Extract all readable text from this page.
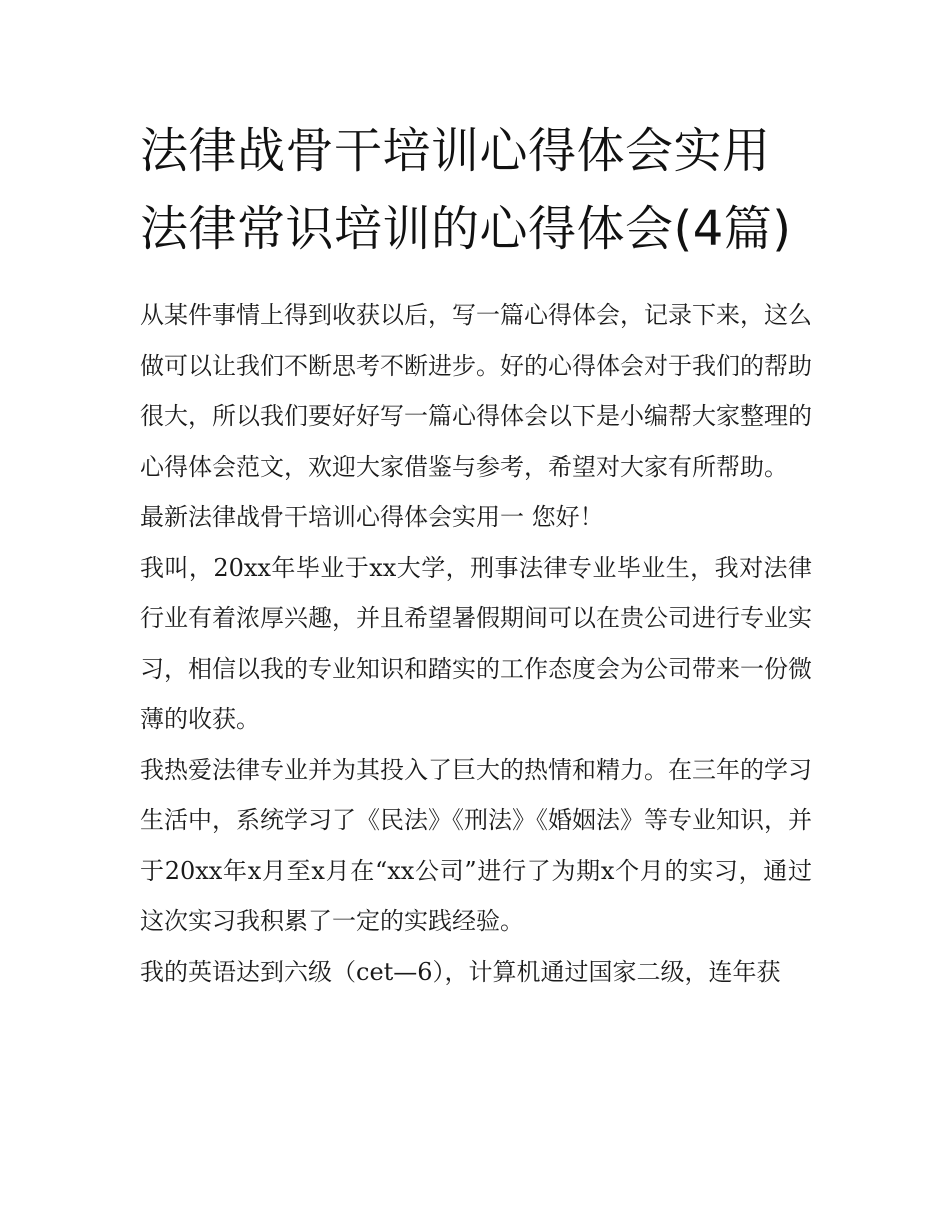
法律战骨干培训心得体会实用法律常识培训的心得体会(4篇)

从某件事情上得到收获以后，写一篇心得体会，记录下来，这么做可以让我们不断思考不断进步。好的心得体会对于我们的帮助很大，所以我们要好好写一篇心得体会以下是小编帮大家整理的心得体会范文，欢迎大家借鉴与参考，希望对大家有所帮助。

最新法律战骨干培训心得体会实用一 您好！

我叫，20xx年毕业于xx大学，刑事法律专业毕业生，我对法律行业有着浓厚兴趣，并且希望暑假期间可以在贵公司进行专业实习，相信以我的专业知识和踏实的工作态度会为公司带来一份微薄的收获。

我热爱法律专业并为其投入了巨大的热情和精力。在三年的学习生活中，系统学习了《民法》《刑法》《婚姻法》等专业知识，并于20xx年x月至x月在“xx公司”进行了为期x个月的实习，通过这次实习我积累了一定的实践经验。

我的英语达到六级（cet—6），计算机通过国家二级，连年获
